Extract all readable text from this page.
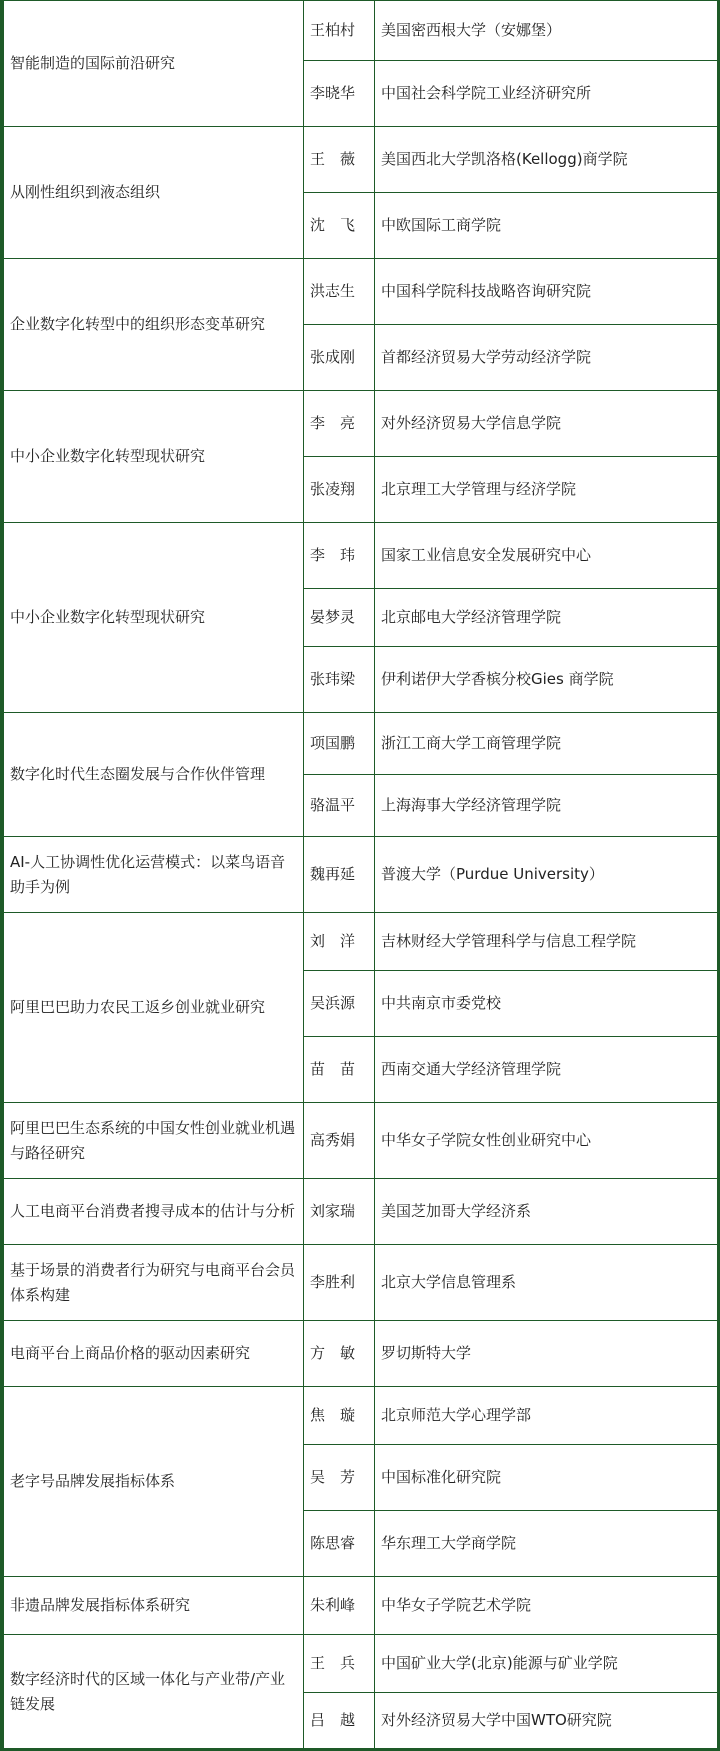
智能制造的国际前沿研究	王柏村	美国密西根大学（安娜堡）
	李晓华	中国社会科学院工业经济研究所
从刚性组织到液态组织	王　薇	美国西北大学凯洛格(Kellogg)商学院
	沈　飞	中欧国际工商学院
企业数字化转型中的组织形态变革研究	洪志生	中国科学院科技战略咨询研究院
	张成刚	首都经济贸易大学劳动经济学院
中小企业数字化转型现状研究	李　亮	对外经济贸易大学信息学院
	张凌翔	北京理工大学管理与经济学院
中小企业数字化转型现状研究	李　玮	国家工业信息安全发展研究中心
	晏梦灵	北京邮电大学经济管理学院
	张玮梁	伊利诺伊大学香槟分校Gies 商学院
数字化时代生态圈发展与合作伙伴管理	项国鹏	浙江工商大学工商管理学院
	骆温平	上海海事大学经济管理学院
AI-人工协调性优化运营模式：以菜鸟语音助手为例	魏再延	普渡大学（Purdue University）
阿里巴巴助力农民工返乡创业就业研究	刘　洋	吉林财经大学管理科学与信息工程学院
	吴浜源	中共南京市委党校
	苗　苗	西南交通大学经济管理学院
阿里巴巴生态系统的中国女性创业就业机遇与路径研究	高秀娟	中华女子学院女性创业研究中心
人工电商平台消费者搜寻成本的估计与分析	刘家瑞	美国芝加哥大学经济系
基于场景的消费者行为研究与电商平台会员体系构建	李胜利	北京大学信息管理系
电商平台上商品价格的驱动因素研究	方　敏	罗切斯特大学
老字号品牌发展指标体系	焦　璇	北京师范大学心理学部
	吴　芳	中国标准化研究院
	陈思睿	华东理工大学商学院
非遗品牌发展指标体系研究	朱利峰	中华女子学院艺术学院
数字经济时代的区域一体化与产业带/产业链发展	王　兵	中国矿业大学(北京)能源与矿业学院
	吕　越	对外经济贸易大学中国WTO研究院
